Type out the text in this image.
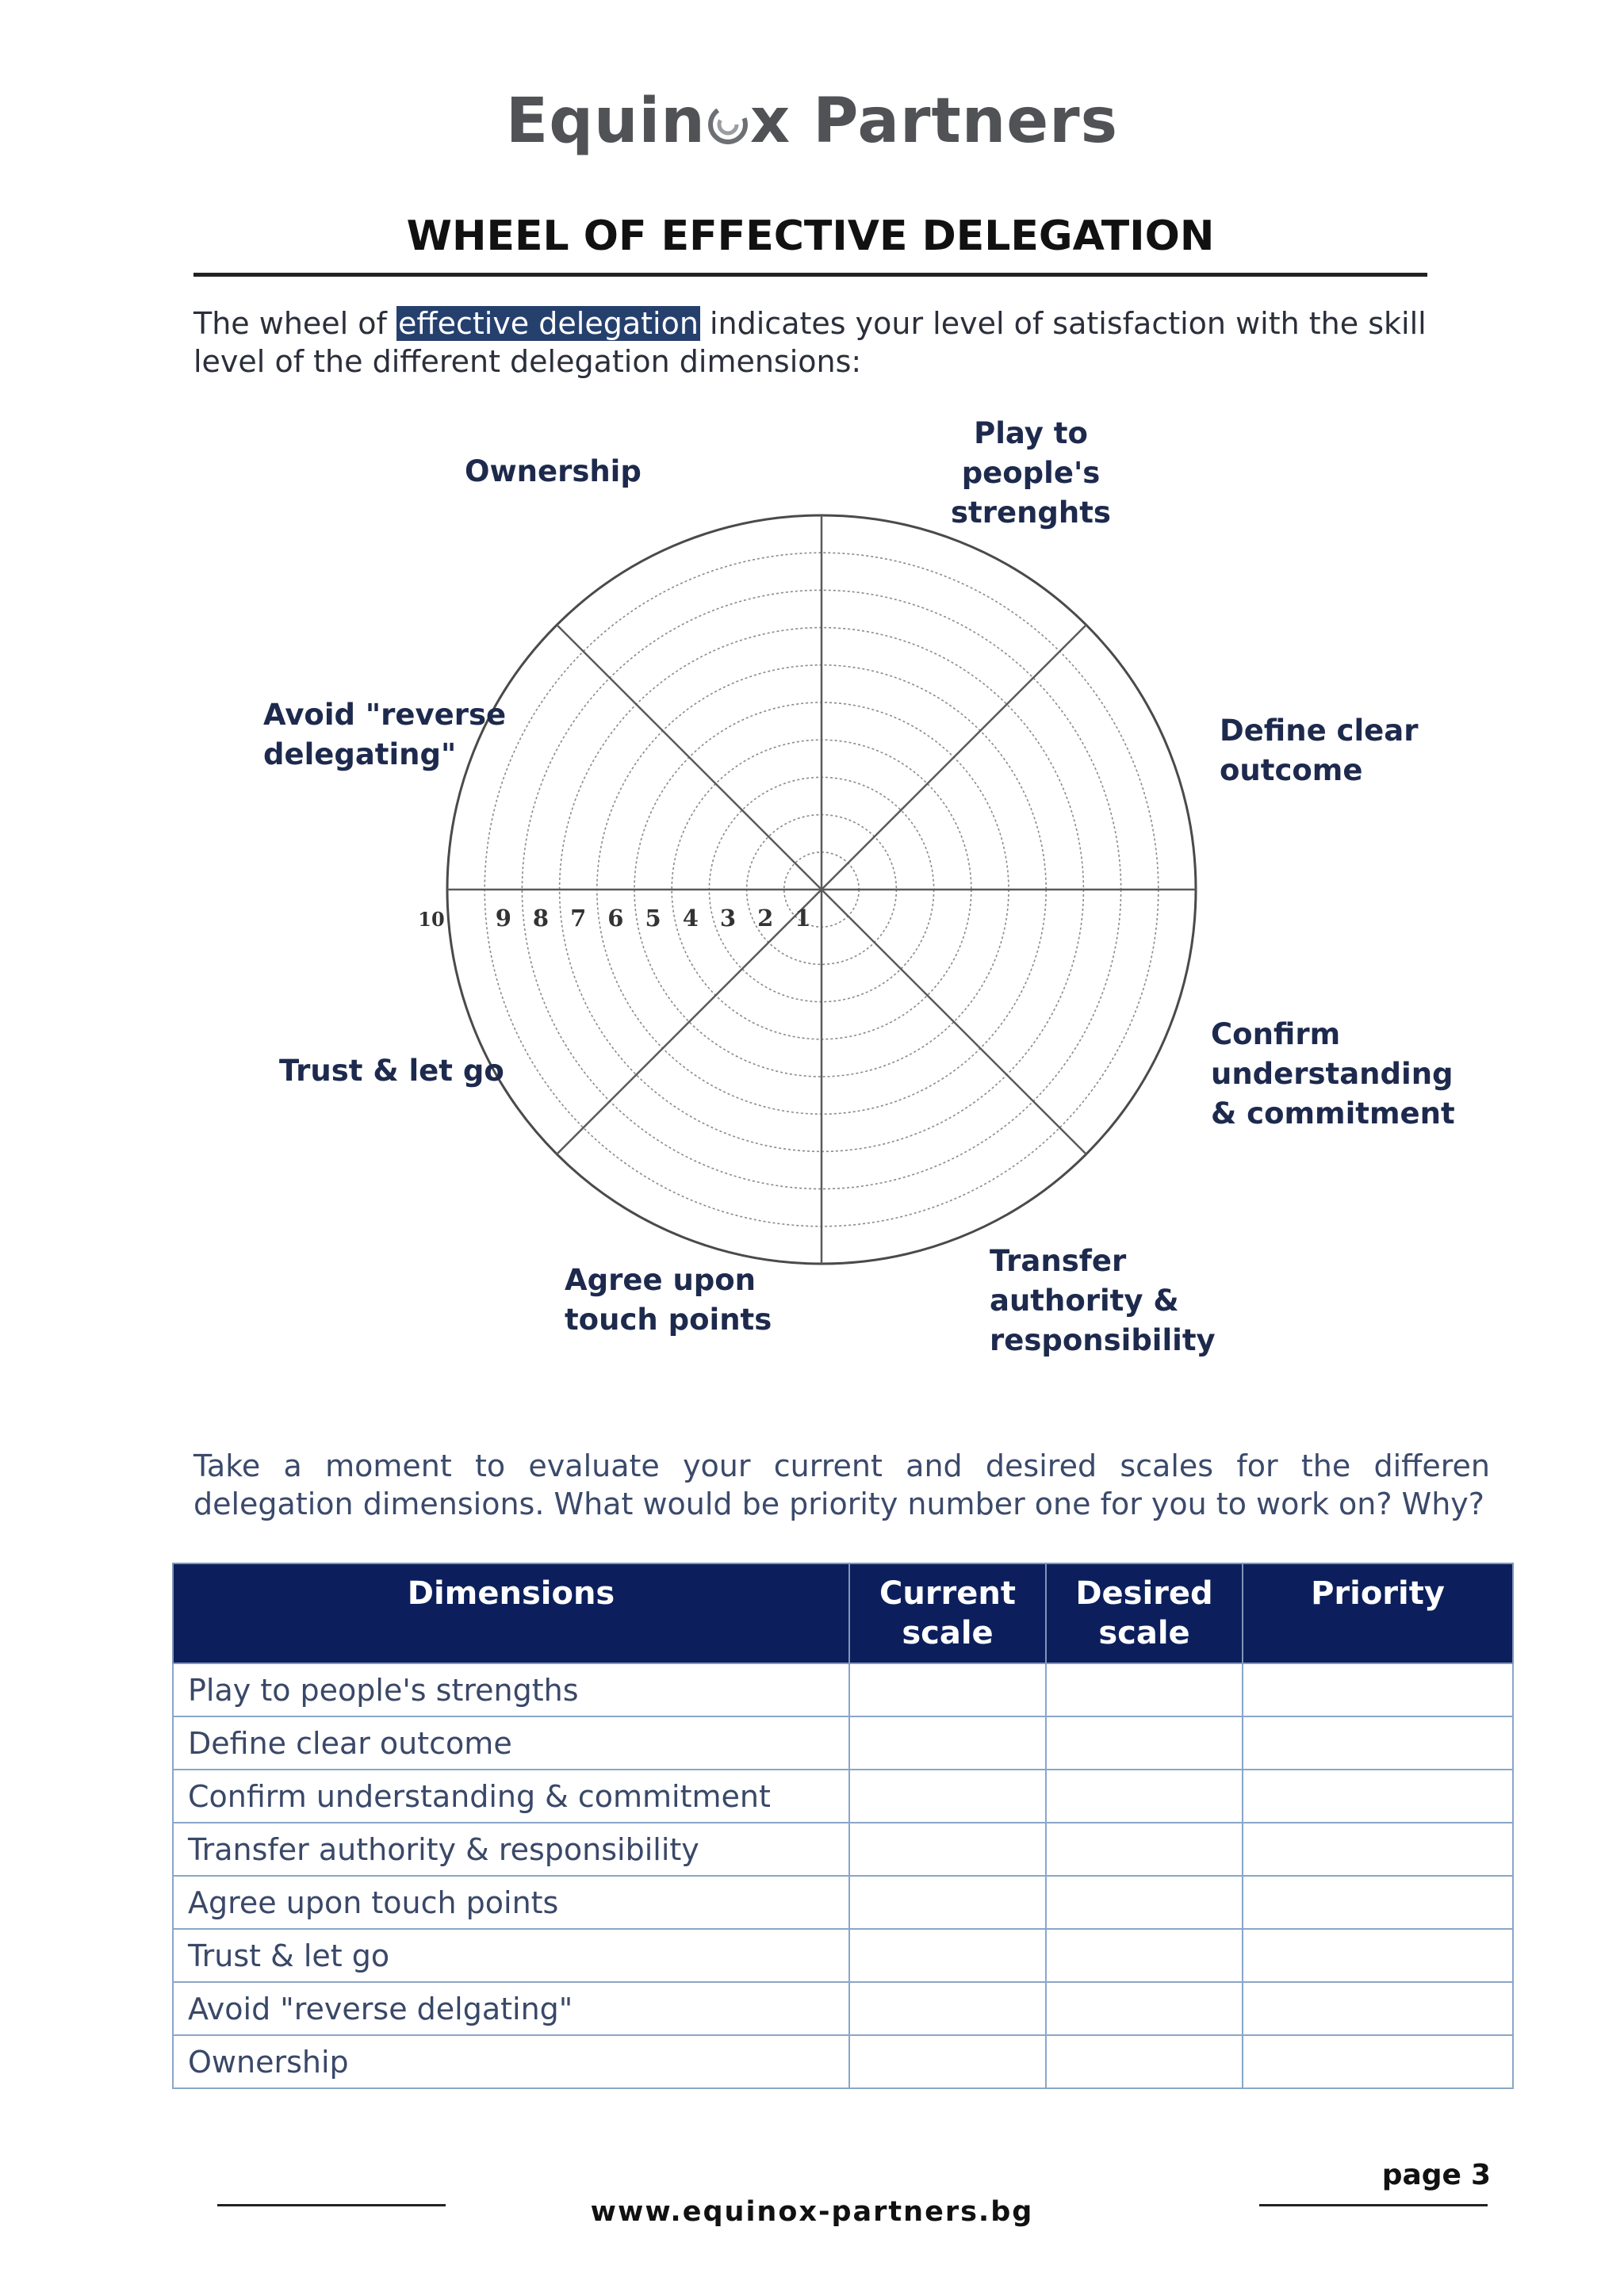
Equin x Partners
WHEEL OF EFFECTIVE DELEGATION
The wheel of effective delegation indicates your level of satisfaction with the skill level of the different delegation dimensions:
1
2
3
4
5
6
7
8
9
10
Play to people's
strenghts
Ownership
Avoid "reverse
delegating"
Define clear
outcome
Trust & let go
Confirm
understanding
& commitment
Agree upon
touch points
Transfer
authority &
responsibility
Take a moment to evaluate your current and desired scales for the differen delegation dimensions. What would be priority number one for you to work on? Why?
Dimensions	Current scale	Desired scale	Priority
Play to people's strengths			
Define clear outcome			
Confirm understanding & commitment			
Transfer authority & responsibility			
Agree upon touch points			
Trust & let go			
Avoid "reverse delgating"			
Ownership			
page 3
www.equinox-partners.bg
